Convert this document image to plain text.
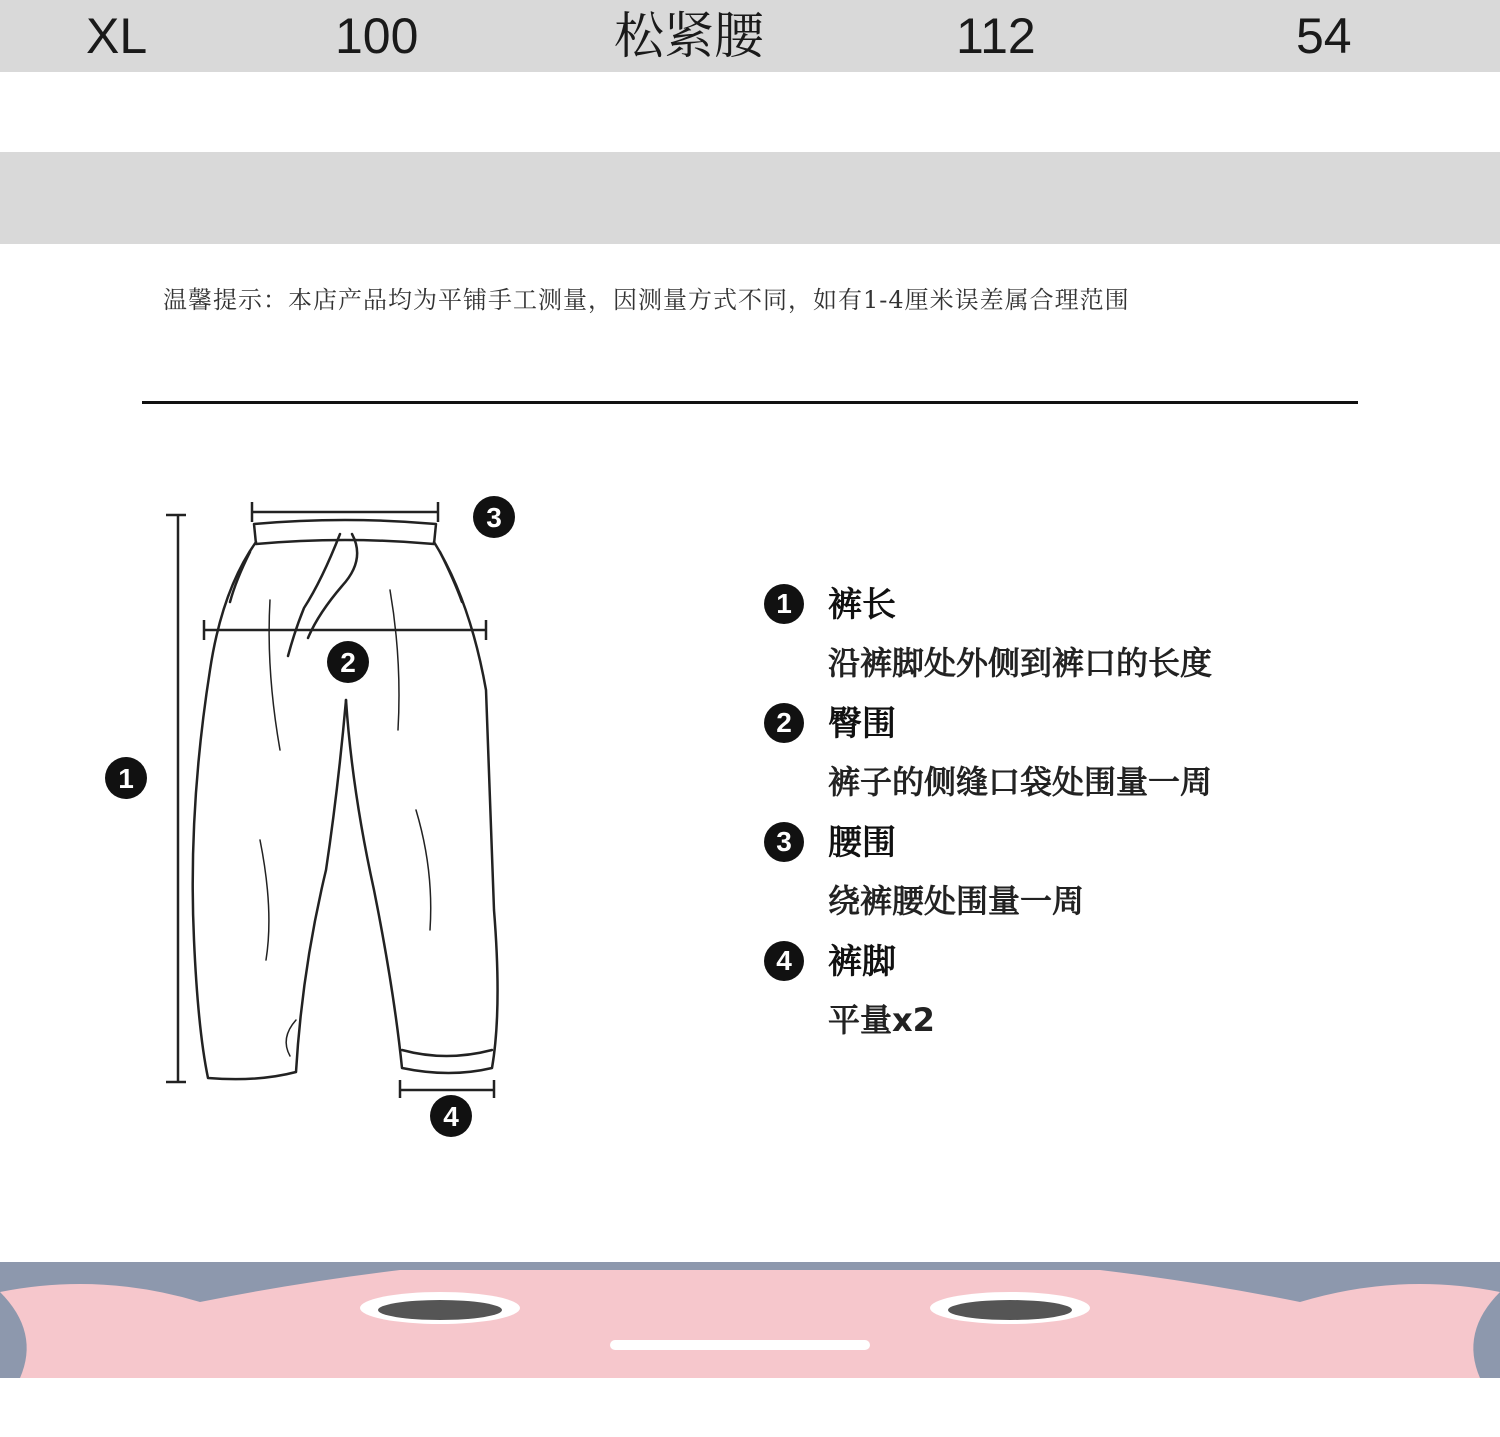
XL	100	松紧腰	112	54
温馨提示：本店产品均为平铺手工测量，因测量方式不同，如有1-4厘米误差属合理范围
1
2
3
4
1	裤长
沿裤脚处外侧到裤口的长度
2	臀围
裤子的侧缝口袋处围量一周
3	腰围
绕裤腰处围量一周
4	裤脚
平量x2
